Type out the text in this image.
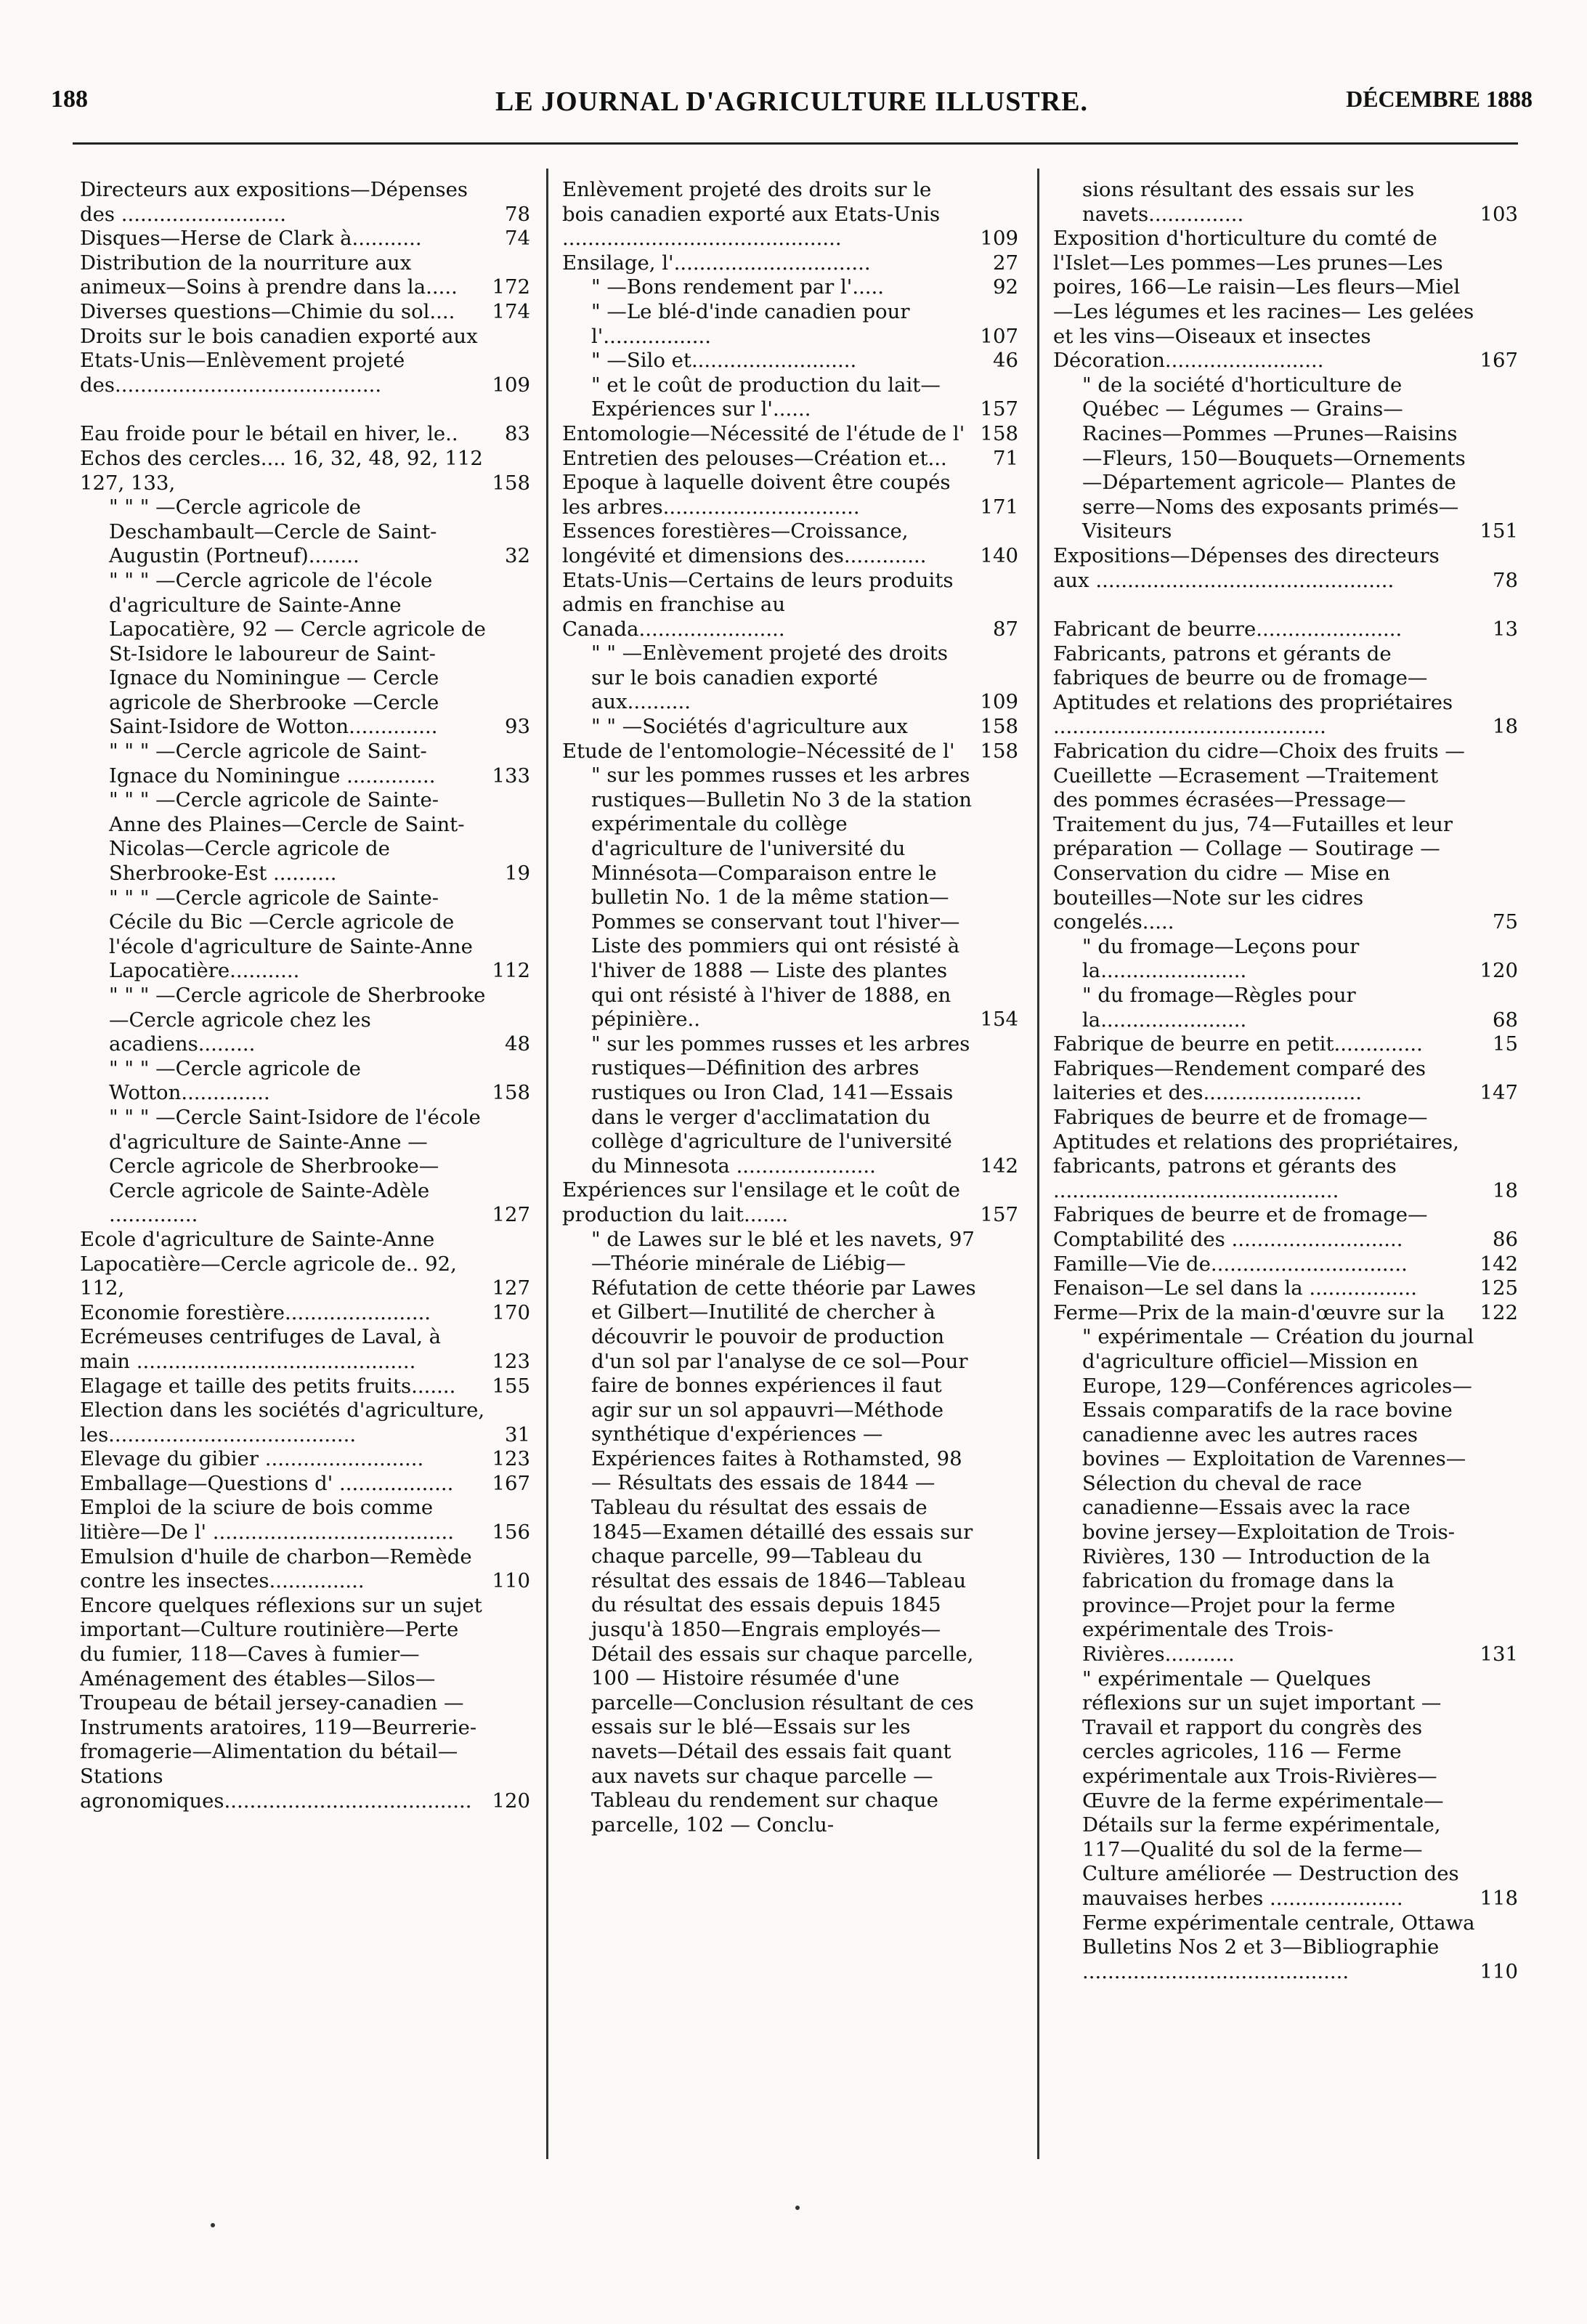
188	LE JOURNAL D'AGRICULTURE ILLUSTRE.	DÉCEMBRE 1888
Directeurs aux expositions—Dépenses des ..........................	78
Disques—Herse de Clark à...........	74
Distribution de la nourriture aux animeux—Soins à prendre dans la.....	172
Diverses questions—Chimie du sol....	174
Droits sur le bois canadien exporté aux Etats-Unis—Enlèvement projeté des..........................................	109
Eau froide pour le bétail en hiver, le..	83
Echos des cercles.... 16, 32, 48, 92, 112 127, 133,	158
" " " —Cercle agricole de Deschambault—Cercle de Saint-Augustin (Portneuf)........	32
" " " —Cercle agricole de l'école d'agriculture de Sainte-Anne Lapocatière, 92 — Cercle agricole de St-Isidore le laboureur de Saint-Ignace du Nominingue — Cercle agricole de Sherbrooke —Cercle Saint-Isidore de Wotton..............	93
" " " —Cercle agricole de Saint-Ignace du Nominingue ..............	133
" " " —Cercle agricole de Sainte-Anne des Plaines—Cercle de Saint-Nicolas—Cercle agricole de Sherbrooke-Est ..........	19
" " " —Cercle agricole de Sainte-Cécile du Bic —Cercle agricole de l'école d'agriculture de Sainte-Anne Lapocatière...........	112
" " " —Cercle agricole de Sherbrooke—Cercle agricole chez les acadiens.........	48
" " " —Cercle agricole de Wotton..............	158
" " " —Cercle Saint-Isidore de l'école d'agriculture de Sainte-Anne —Cercle agricole de Sherbrooke—Cercle agricole de Sainte-Adèle ..............	127
Ecole d'agriculture de Sainte-Anne Lapocatière—Cercle agricole de.. 92, 112,	127
Economie forestière.......................	170
Ecrémeuses centrifuges de Laval, à main ............................................	123
Elagage et taille des petits fruits.......	155
Election dans les sociétés d'agriculture, les.......................................	31
Elevage du gibier .........................	123
Emballage—Questions d' ..................	167
Emploi de la sciure de bois comme litière—De l' ......................................	156
Emulsion d'huile de charbon—Remède contre les insectes...............	110
Encore quelques réflexions sur un sujet important—Culture routinière—Perte du fumier, 118—Caves à fumier—Aménagement des étables—Silos—Troupeau de bétail jersey-canadien — Instruments aratoires, 119—Beurrerie-fromagerie—Alimentation du bétail—Stations agronomiques.......................................	120
Enlèvement projeté des droits sur le bois canadien exporté aux Etats-Unis ............................................	109
Ensilage, l'...............................	27
" —Bons rendement par l'.....	92
" —Le blé-d'inde canadien pour l'.................	107
" —Silo et..........................	46
" et le coût de production du lait—Expériences sur l'......	157
Entomologie—Nécessité de l'étude de l' 158
Entretien des pelouses—Création et...	71
Epoque à laquelle doivent être coupés les arbres...............................	171
Essences forestières—Croissance, longévité et dimensions des.............	140
Etats-Unis—Certains de leurs produits admis en franchise au Canada.......................	87
" " —Enlèvement projeté des droits sur le bois canadien exporté aux..........	109
" " —Sociétés d'agriculture aux	158
Etude de l'entomologie–Nécessité de l'	158
" sur les pommes russes et les arbres rustiques—Bulletin No 3 de la station expérimentale du collège d'agriculture de l'université du Minnésota—Comparaison entre le bulletin No. 1 de la même station— Pommes se conservant tout l'hiver—Liste des pommiers qui ont résisté à l'hiver de 1888 — Liste des plantes qui ont résisté à l'hiver de 1888, en pépinière..	154
" sur les pommes russes et les arbres rustiques—Définition des arbres rustiques ou Iron Clad, 141—Essais dans le verger d'acclimatation du collège d'agriculture de l'université du Minnesota ......................	142
Expériences sur l'ensilage et le coût de production du lait.......	157
" de Lawes sur le blé et les navets, 97—Théorie minérale de Liébig—Réfutation de cette théorie par Lawes et Gilbert—Inutilité de chercher à découvrir le pouvoir de production d'un sol par l'analyse de ce sol—Pour faire de bonnes expériences il faut agir sur un sol appauvri—Méthode synthétique d'expériences — Expériences faites à Rothamsted, 98 — Résultats des essais de 1844 —Tableau du résultat des essais de 1845—Examen détaillé des essais sur chaque parcelle, 99—Tableau du résultat des essais de 1846—Tableau du résultat des essais depuis 1845 jusqu'à 1850—Engrais employés—Détail des essais sur chaque parcelle, 100 — Histoire résumée d'une parcelle—Conclusion résultant de ces essais sur le blé—Essais sur les navets—Détail des essais fait quant aux navets sur chaque parcelle — Tableau du rendement sur chaque parcelle, 102 — Conclu-
sions résultant des essais sur les navets...............	103
Exposition d'horticulture du comté de l'Islet—Les pommes—Les prunes—Les poires, 166—Le raisin—Les fleurs—Miel —Les légumes et les racines— Les gelées et les vins—Oiseaux et insectes Décoration.........................	167
" de la société d'horticulture de Québec — Légumes — Grains—Racines—Pommes —Prunes—Raisins—Fleurs, 150—Bouquets—Ornements —Département agricole— Plantes de serre—Noms des exposants primés—Visiteurs	151
Expositions—Dépenses des directeurs aux ...............................................	78
Fabricant de beurre.......................	13
Fabricants, patrons et gérants de fabriques de beurre ou de fromage—Aptitudes et relations des propriétaires ...........................................	18
Fabrication du cidre—Choix des fruits —Cueillette —Ecrasement —Traitement des pommes écrasées—Pressage—Traitement du jus, 74—Futailles et leur préparation — Collage — Soutirage — Conservation du cidre — Mise en bouteilles—Note sur les cidres congelés.....	75
" du fromage—Leçons pour la.......................	120
" du fromage—Règles pour la.......................	68
Fabrique de beurre en petit..............	15
Fabriques—Rendement comparé des laiteries et des.........................	147
Fabriques de beurre et de fromage—Aptitudes et relations des propriétaires, fabricants, patrons et gérants des .............................................	18
Fabriques de beurre et de fromage—Comptabilité des ...........................	86
Famille—Vie de...............................	142
Fenaison—Le sel dans la .................	125
Ferme—Prix de la main-d'œuvre sur la	122
" expérimentale — Création du journal d'agriculture officiel—Mission en Europe, 129—Conférences agricoles—Essais comparatifs de la race bovine canadienne avec les autres races bovines — Exploitation de Varennes—Sélection du cheval de race canadienne—Essais avec la race bovine jersey—Exploitation de Trois-Rivières, 130 — Introduction de la fabrication du fromage dans la province—Projet pour la ferme expérimentale des Trois-Rivières...........	131
" expérimentale — Quelques réflexions sur un sujet important —Travail et rapport du congrès des cercles agricoles, 116 — Ferme expérimentale aux Trois-Rivières—Œuvre de la ferme expérimentale—Détails sur la ferme expérimentale, 117—Qualité du sol de la ferme—Culture améliorée — Destruction des mauvaises herbes .....................	118
Ferme expérimentale centrale, Ottawa Bulletins Nos 2 et 3—Bibliographie ..........................................	110
